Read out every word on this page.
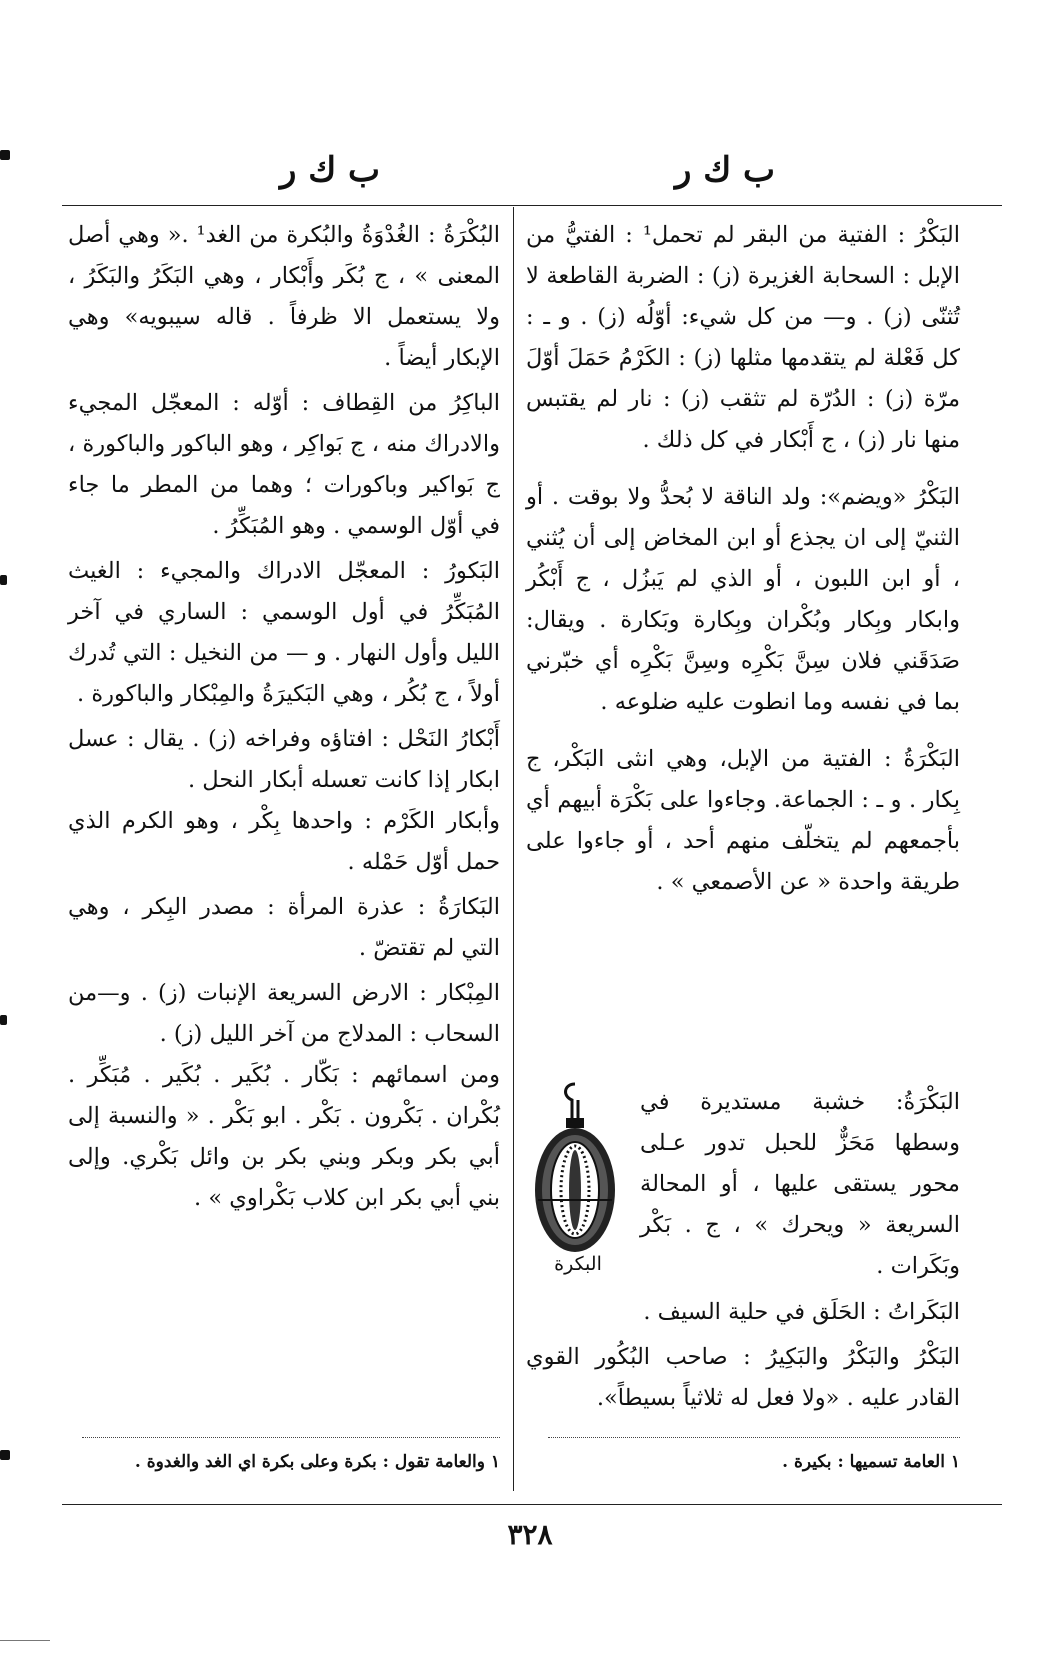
ب ك ر
ب ك ر

البَكْرُ : الفتية من البقر لم تحمل¹ : الفتيُّ من الإبل : السحابة الغزيرة (ز) : الضربة القاطعة لا تُثنّى (ز) . و— من كل شيء: أوّلُه (ز) . و ـ : كل فَعْلة لم يتقدمها مثلها (ز) : الكَرْمُ حَمَلَ أوّلَ مرّة (ز) : الدُرّة لم تثقب (ز) : نار لم يقتبس منها نار (ز) ، ج أَبْكار في كل ذلك .

البَكْرُ «ويضم»: ولد الناقة لا بُحدُّ ولا بوقت . أو الثنيّ إلى ان يجذع أو ابن المخاض إلى أن يُثني ، أو ابن اللبون ، أو الذي لم يَبزُل ، ج أَبْكُر وابكار وبِكار وبُكْران وبِكارة وبَكارة . ويقال: صَدَقَني فلان سِنَّ بَكْرِه وسِنَّ بَكْرِه أي خبّرني بما في نفسه وما انطوت عليه ضلوعه .

البَكْرَةُ : الفتية من الإبل، وهي انثى البَكْر، ج بِكار . و ـ : الجماعة. وجاءوا على بَكْرَة أبيهم أي بأجمعهم لم يتخلّف منهم أحد ، أو جاءوا على طريقة واحدة « عن الأصمعي » .

البكرة
البَكْرَةُ: خشبة مستديرة في وسطها مَحَزٌّ للحبل تدور عـلى محور يستقى عليها ، أو المحالة السريعة « ويحرك » ، ج . بَكْر وبَكَرات .

البَكَراتُ : الحَلَق في حلية السيف .

البَكْرُ والبَكْرُ والبَكِيرُ : صاحب البُكُور القوي القادر عليه . «ولا فعل له ثلاثياً بسيطاً».

البُكْرَةُ : الغُدْوَةُ والبُكرة من الغد¹ .« وهي أصل المعنى » ، ج بُكَر وأَبْكار ، وهي البَكَرُ والبَكَرُ ، ولا يستعمل الا ظرفاً . قاله سيبويه» وهي الإبكار أيضاً .

الباكِرُ من القِطاف : أوّله : المعجّل المجيء والادراك منه ، ج بَواكِر ، وهو الباكور والباكورة ، ج بَواكير وباكورات ؛ وهما من المطر ما جاء في أوّل الوسمي . وهو المُبَكِّرُ .

البَكورُ : المعجّل الادراك والمجيء : الغيث المُبَكِّرُ في أول الوسمي : الساري في آخر الليل وأول النهار . و — من النخيل : التي تُدرك أولاً ، ج بُكُر ، وهي البَكيرَةُ والمِبْكار والباكورة .

أَبْكارُ النَحْل : افتاؤه وفراخه (ز) . يقال : عسل ابكار إذا كانت تعسله أبكار النحل .

وأبكار الكَرْم : واحدها بِكْر ، وهو الكرم الذي حمل أوّل حَمْله .

البَكارَةُ : عذرة المرأة : مصدر البِكر ، وهي التي لم تقتضّ .

المِبْكار : الارض السريعة الإنبات (ز) . و—من السحاب : المدلاج من آخر الليل (ز) .

ومن اسمائهم : بَكّار . بُكَير . بُكَير . مُبَكِّر . بُكْران . بَكْرون . بَكْر . ابو بَكْر . « والنسبة إلى أبي بكر وبكر وبني بكر بن وائل بَكْري. وإلى بني أبي بكر ابن كلاب بَكْراوي » .

١ العامة تسميها : بكيرة .
١ والعامة تقول : بكرة وعلى بكرة اي الغد والغدوة .
٣٢٨
